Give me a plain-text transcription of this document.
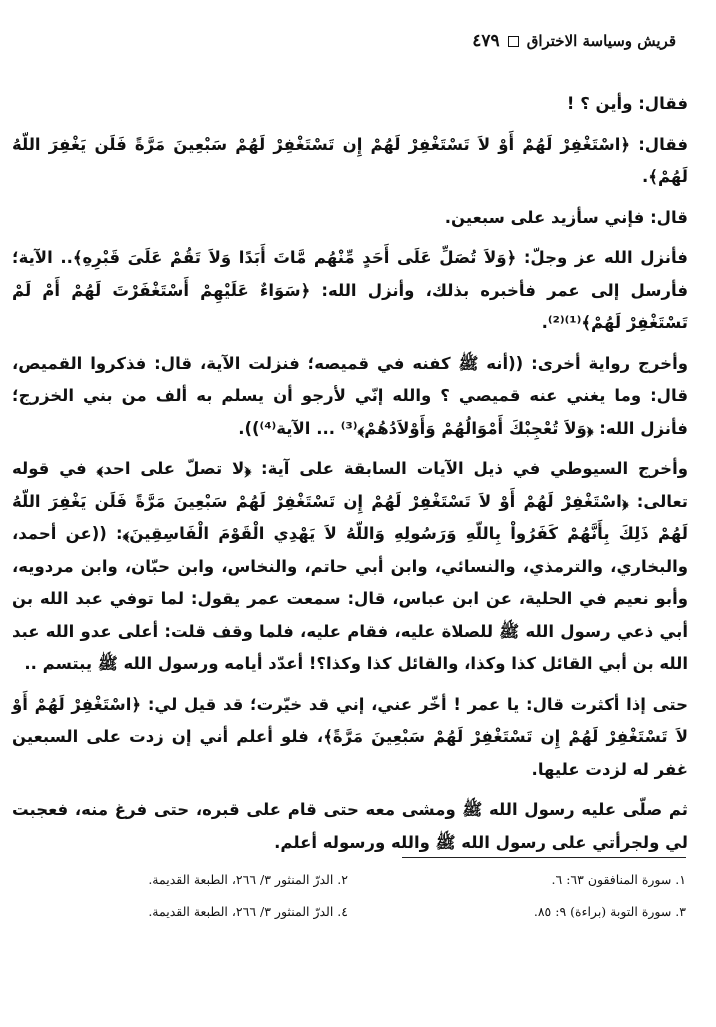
قريش وسياسة الاختراق
٤٧٩

فقال: وأين ؟ !

فقال: ﴿اسْتَغْفِرْ لَهُمْ أَوْ لاَ تَسْتَغْفِرْ لَهُمْ إِن تَسْتَغْفِرْ لَهُمْ سَبْعِينَ مَرَّةً فَلَن يَغْفِرَ اللّهُ لَهُمْ﴾.

قال: فإني سأزيد على سبعين.

فأنزل الله عز وجلّ: ﴿وَلاَ تُصَلِّ عَلَى أَحَدٍ مِّنْهُم مَّاتَ أَبَدًا وَلاَ تَقُمْ عَلَىَ قَبْرِهِ﴾.. الآية؛ فأرسل إلى عمر فأخبره بذلك، وأنزل الله: ﴿سَوَاءٌ عَلَيْهِمْ أَسْتَغْفَرْتَ لَهُمْ أَمْ لَمْ تَسْتَغْفِرْ لَهُمْ﴾⁽¹⁾⁽²⁾.

وأخرج رواية أخرى: ((أنه ﷺ كفنه في قميصه؛ فنزلت الآية، قال: فذكروا القميص، قال: وما يغني عنه قميصي ؟ والله إنّي لأرجو أن يسلم به ألف من بني الخزرج؛ فأنزل الله: ﴿وَلاَ تُعْجِبْكَ أَمْوَالُهُمْ وَأَوْلاَدُهُمْ﴾⁽³⁾ ... الآية⁽⁴⁾)).

وأخرج السيوطي في ذيل الآيات السابقة على آية: ﴿لا تصلّ على احد﴾ في قوله تعالى: ﴿اسْتَغْفِرْ لَهُمْ أَوْ لاَ تَسْتَغْفِرْ لَهُمْ إِن تَسْتَغْفِرْ لَهُمْ سَبْعِينَ مَرَّةً فَلَن يَغْفِرَ اللّهُ لَهُمْ ذَلِكَ بِأَنَّهُمْ كَفَرُواْ بِاللّهِ وَرَسُولِهِ وَاللّهُ لاَ يَهْدِي الْقَوْمَ الْفَاسِقِينَ﴾: ((عن أحمد، والبخاري، والترمذي، والنسائي، وابن أبي حاتم، والنخاس، وابن حبّان، وابن مردويه، وأبو نعيم في الحلية، عن ابن عباس، قال: سمعت عمر يقول: لما توفي عبد الله بن أبي ذعي رسول الله ﷺ للصلاة عليه، فقام عليه، فلما وقف قلت: أعلى عدو الله عبد الله بن أبي القائل كذا وكذا، والقائل كذا وكذا؟! أعدّد أيامه ورسول الله ﷺ يبتسم ..

حتى إذا أكثرت قال: يا عمر ! أخّر عني، إني قد خيّرت؛ قد قيل لي: ﴿اسْتَغْفِرْ لَهُمْ أَوْ لاَ تَسْتَغْفِرْ لَهُمْ إِن تَسْتَغْفِرْ لَهُمْ سَبْعِينَ مَرَّةً﴾، فلو أعلم أني إن زدت على السبعين غفر له لزدت عليها.

ثم صلّى عليه رسول الله ﷺ ومشى معه حتى قام على قبره، حتى فرغ منه، فعجبت لي ولجرأتي على رسول الله ﷺ والله ورسوله أعلم.

١. سورة المنافقون ٦٣: ٦.
٢. الدرّ المنثور ٣/ ٢٦٦، الطبعة القديمة.
٣. سورة التوبة (براءة) ٩: ٨٥.
٤. الدرّ المنثور ٣/ ٢٦٦، الطبعة القديمة.
